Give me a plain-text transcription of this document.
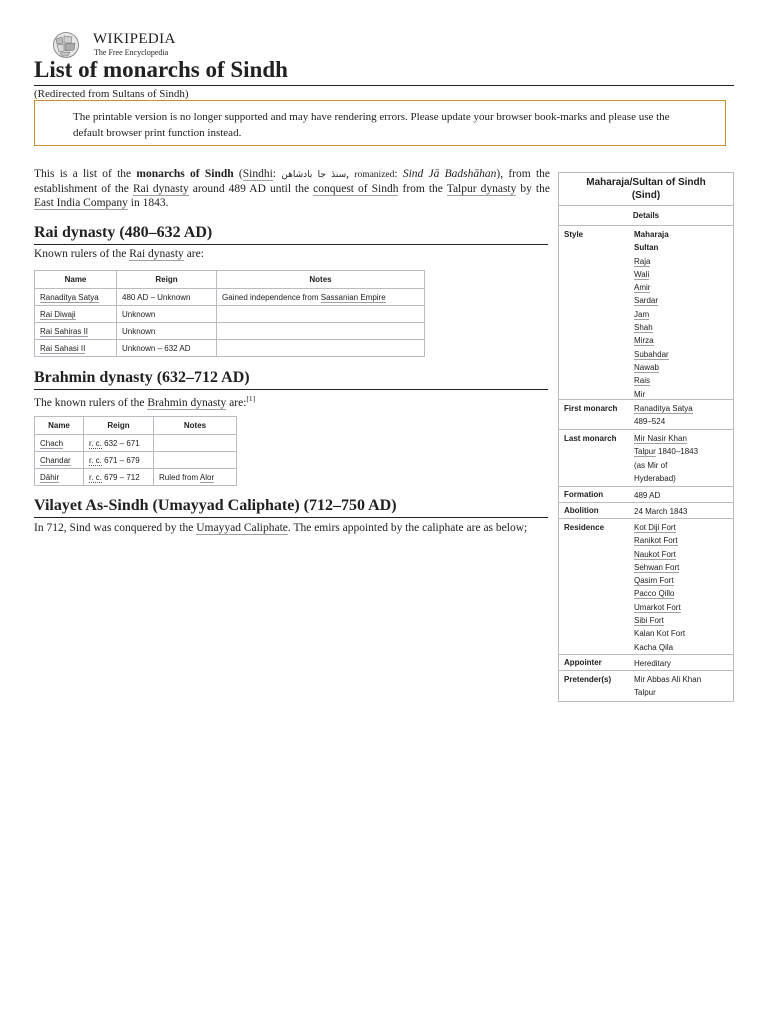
WIKIPEDIA
The Free Encyclopedia
List of monarchs of Sindh
(Redirected from Sultans of Sindh)

The printable version is no longer supported and may have rendering errors. Please update your browser book-marks and please use the default browser print function instead.

This is a list of the monarchs of Sindh (Sindhi: سنڌ جا بادشاهن, romanized: Sind Jā Badshāhan), from the establishment of the Rai dynasty around 489 AD until the conquest of Sindh from the Talpur dynasty by the East India Company in 1843.
Rai dynasty (480–632 AD)
Known rulers of the Rai dynasty are:
Name	Reign	Notes
Ranaditya Satya	480 AD – Unknown	Gained independence from Sassanian Empire
Rai Diwaji	Unknown	
Rai Sahiras II	Unknown	
Rai Sahasi II	Unknown – 632 AD	
Brahmin dynasty (632–712 AD)
The known rulers of the Brahmin dynasty are:[1]
Name	Reign	Notes
Chach	r. c. 632 – 671	
Chandar	r. c. 671 – 679	
Dāhir	r. c. 679 – 712	Ruled from Alor
Vilayet As-Sindh (Umayyad Caliphate) (712–750 AD)
In 712, Sind was conquered by the Umayyad Caliphate. The emirs appointed by the caliphate are as below;
Maharaja/Sultan of Sindh
(Sind)
Details
Style	Maharaja
Sultan
Raja
Wali
Amir
Sardar
Jam
Shah
Mirza
Subahdar
Nawab
Rais
Mir
First monarch Ranaditya Satya
489–524
Last monarch Mir Nasir Khan
Talpur 1840–1843
(as Mir of
Hyderabad)
Formation	489 AD
Abolition	24 March 1843
Residence	Kot Diji Fort
Ranikot Fort
Naukot Fort
Sehwan Fort
Qasim Fort
Pacco Qillo
Umarkot Fort
Sibi Fort
Kalan Kot Fort
Kacha Qila
Appointer	Hereditary
Pretender(s)	Mir Abbas Ali Khan
Talpur
